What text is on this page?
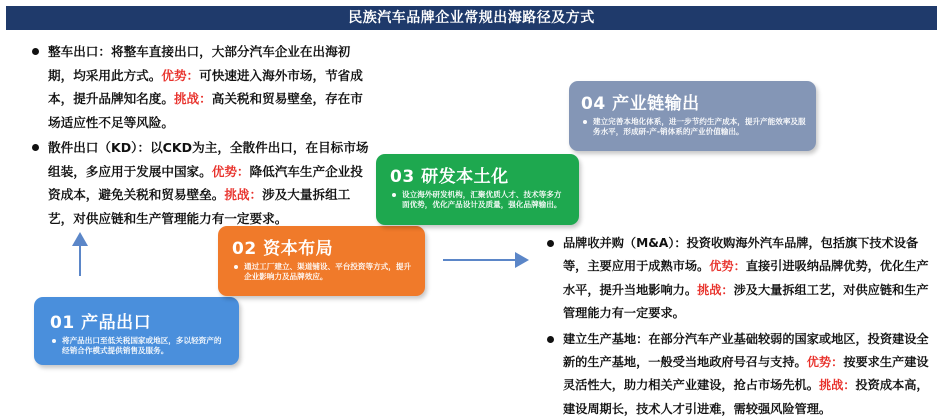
民族汽车品牌企业常规出海路径及方式
整车出口：将整车直接出口，大部分汽车企业在出海初期，均采用此方式。优势：可快速进入海外市场，节省成本，提升品牌知名度。挑战：高关税和贸易壁垒，存在市场适应性不足等风险。
散件出口（KD）：以CKD为主，全散件出口，在目标市场组装，多应用于发展中国家。优势：降低汽车生产企业投资成本，避免关税和贸易壁垒。挑战：涉及大量拆组工艺，对供应链和生产管理能力有一定要求。
品牌收并购（M&A）：投资收购海外汽车品牌，包括旗下技术设备等，主要应用于成熟市场。优势：直接引进吸纳品牌优势，优化生产水平，提升当地影响力。挑战：涉及大量拆组工艺，对供应链和生产管理能力有一定要求。
建立生产基地：在部分汽车产业基础较弱的国家或地区，投资建设全新的生产基地，一般受当地政府号召与支持。优势：按要求生产建设灵活性大，助力相关产业建设，抢占市场先机。挑战：投资成本高，建设周期长，技术人才引进难，需较强风险管理。
01 产品出口
将产品出口至低关税国家或地区，多以轻资产的经销合作模式提供销售及服务。
02 资本布局
通过工厂建立、渠道铺设、平台投资等方式，提升企业影响力及品牌效应。
03 研发本土化
设立海外研发机构，汇聚优质人才、技术等多方面优势，优化产品设计及质量，强化品牌输出。
04 产业链输出
建立完善本地化体系，进一步节约生产成本，提升产能效率及服务水平，形成研-产-销体系的产业价值输出。
